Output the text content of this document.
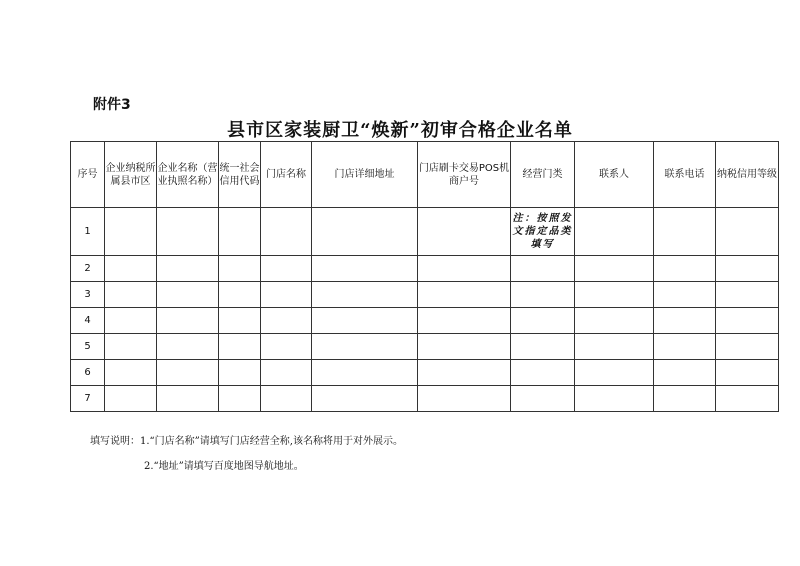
附件3
县市区家装厨卫“焕新”初审合格企业名单
序号	企业纳税所属县市区	企业名称（营业执照名称）	统一社会信用代码	门店名称	门店详细地址	门店刷卡交易POS机商户号	经营门类	联系人	联系电话	纳税信用等级
1							注：按照发文指定品类填写			
2										
3										
4										
5										
6										
7										
填写说明：1.“门店名称”请填写门店经营全称,该名称将用于对外展示。
2.“地址”请填写百度地图导航地址。
